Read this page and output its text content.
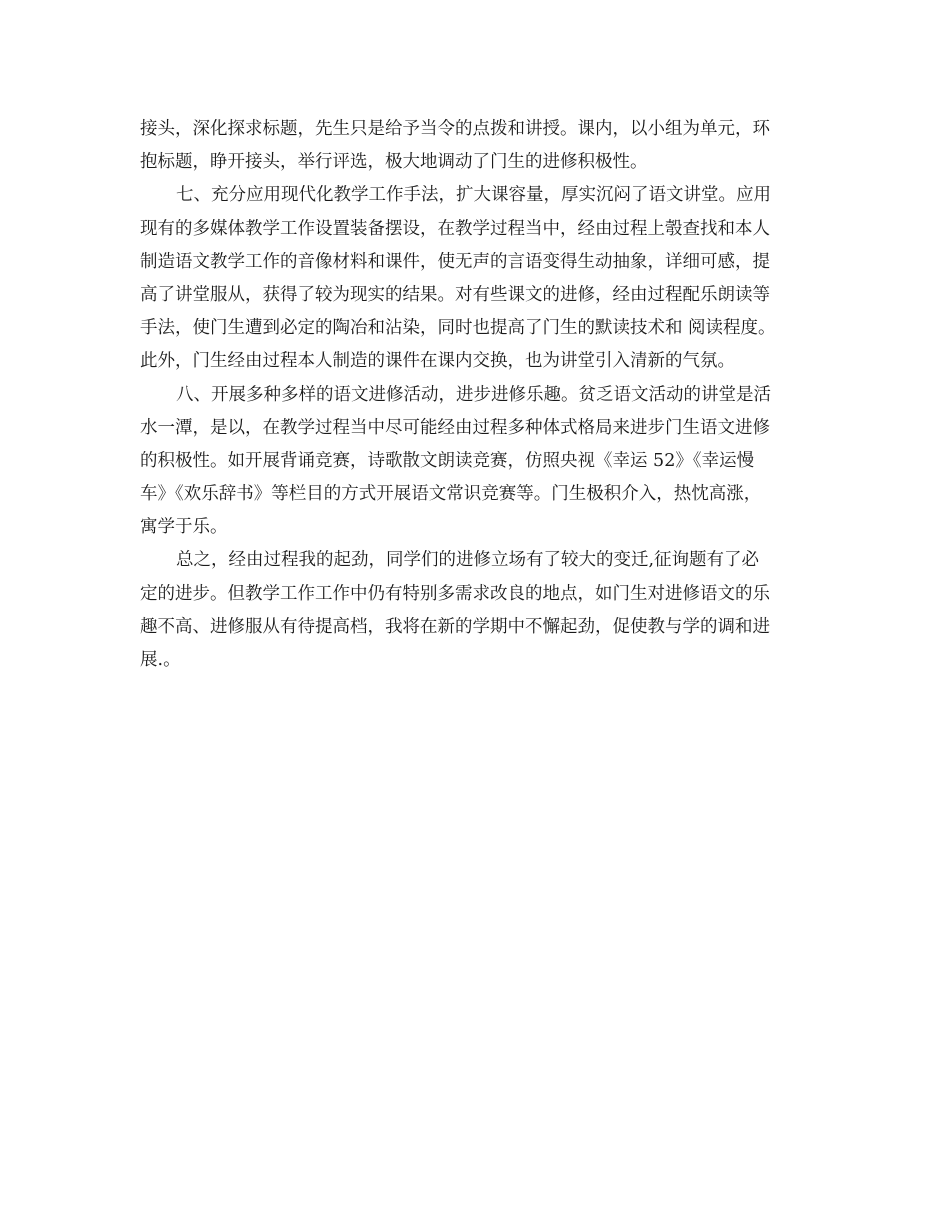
接头，深化探求标题，先生只是给予当令的点拨和讲授。课内，以小组为单元，环
抱标题，睁开接头，举行评选，极大地调动了门生的进修积极性。
七、充分应用现代化教学工作手法，扩大课容量，厚实沉闷了语文讲堂。应用
现有的多媒体教学工作设置装备摆设，在教学过程当中，经由过程上彀查找和本人
制造语文教学工作的音像材料和课件，使无声的言语变得生动抽象，详细可感，提
高了讲堂服从，获得了较为现实的结果。对有些课文的进修，经由过程配乐朗读等
手法，使门生遭到必定的陶冶和沾染，同时也提高了门生的默读技术和 阅读程度。
此外，门生经由过程本人制造的课件在课内交换，也为讲堂引入清新的气氛。
八、开展多种多样的语文进修活动，进步进修乐趣。贫乏语文活动的讲堂是活
水一潭，是以，在教学过程当中尽可能经由过程多种体式格局来进步门生语文进修
的积极性。如开展背诵竞赛，诗歌散文朗读竞赛，仿照央视《幸运 52》《幸运慢
车》《欢乐辞书》等栏目的方式开展语文常识竞赛等。门生极积介入，热忱高涨，
寓学于乐。
总之，经由过程我的起劲，同学们的进修立场有了较大的变迁,征询题有了必
定的进步。但教学工作工作中仍有特别多需求改良的地点，如门生对进修语文的乐
趣不高、进修服从有待提高档，我将在新的学期中不懈起劲，促使教与学的调和进
展.。
